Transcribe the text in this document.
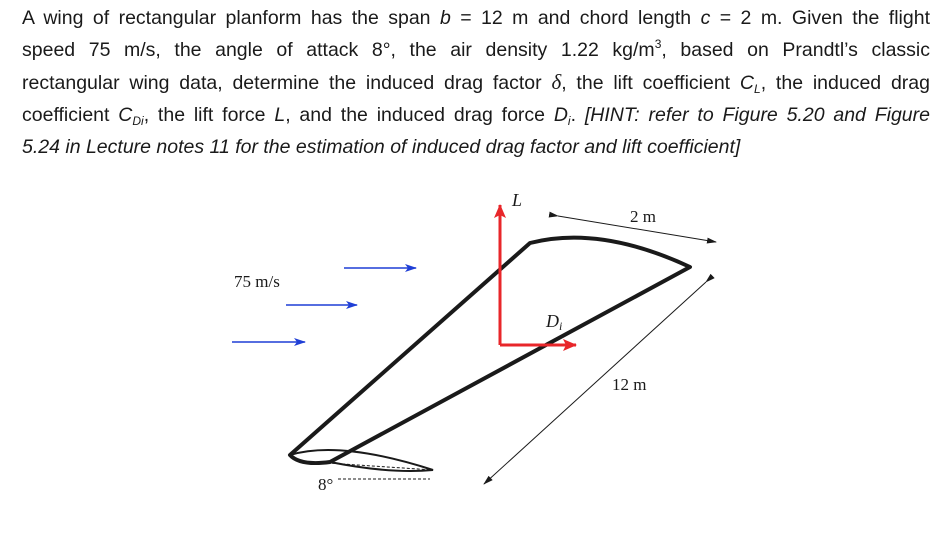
A wing of rectangular planform has the span b = 12 m and chord length c = 2 m. Given the flight
speed 75 m/s, the angle of attack 8°, the air density 1.22 $kg/m^3$, based on Prandtl’s classic
rectangular wing data, determine the induced drag factor δ, the lift coefficient $C_L$, the induced drag
coefficient $C_{Di}$, the lift force L, and the induced drag force $D_i$. [HINT: refer to Figure 5.20 and Figure
5.24 in Lecture notes 11 for the estimation of induced drag factor and lift coefficient]
2 m
12 m
L
Di
75 m/s
8°
